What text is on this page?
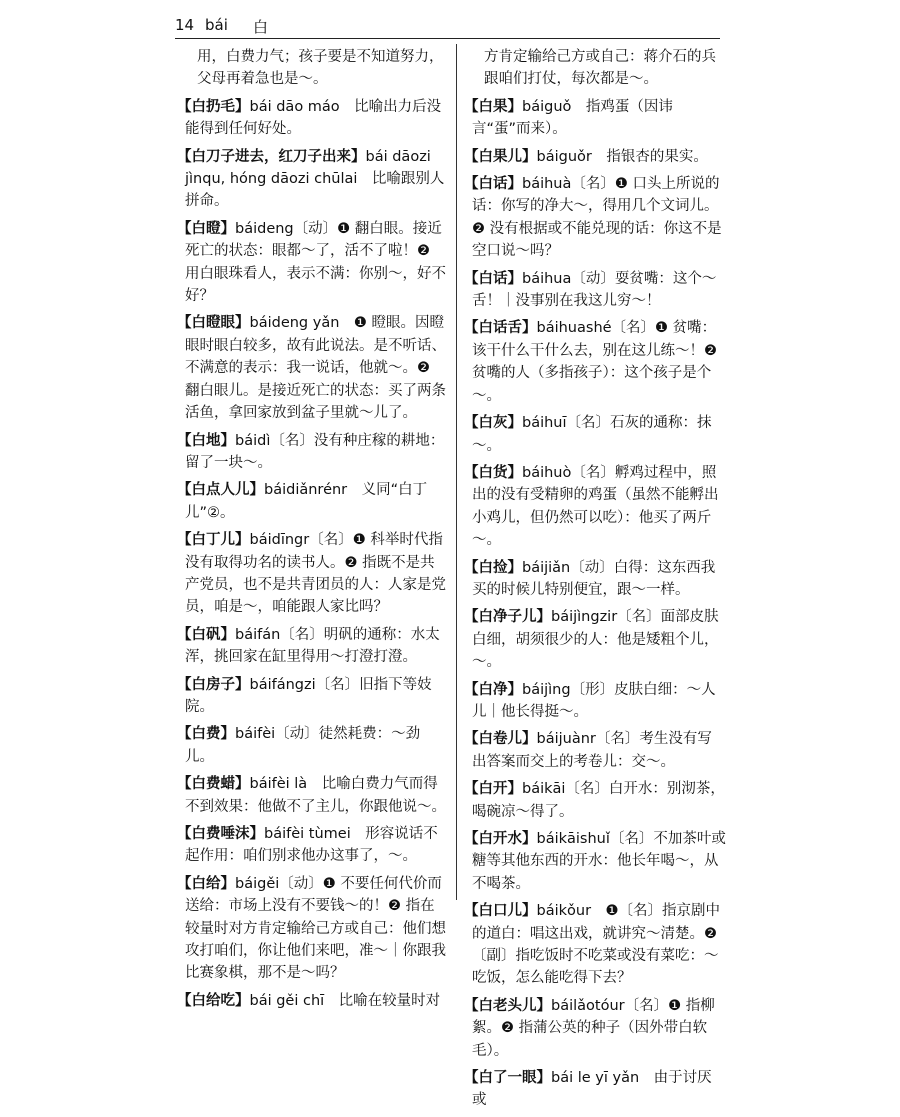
14 bái 白

用，白费力气；孩子要是不知道努力，父母再着急也是～。

【白扔毛】bái dāo máo　比喻出力后没能得到任何好处。

【白刀子进去，红刀子出来】bái dāozi jìnqu, hóng dāozi chūlai　比喻跟别人拼命。

【白瞪】báideng〔动〕❶ 翻白眼。接近死亡的状态：眼都～了，活不了啦！❷ 用白眼珠看人，表示不满：你别～，好不好？

【白瞪眼】báideng yǎn　❶ 瞪眼。因瞪眼时眼白较多，故有此说法。是不听话、不满意的表示：我一说话，他就～。❷ 翻白眼儿。是接近死亡的状态：买了两条活鱼，拿回家放到盆子里就～儿了。

【白地】báidì〔名〕没有种庄稼的耕地：留了一块～。

【白点人儿】báidiǎnrénr　义同“白丁儿”②。

【白丁儿】báidīngr〔名〕❶ 科举时代指没有取得功名的读书人。❷ 指既不是共产党员，也不是共青团员的人：人家是党员，咱是～，咱能跟人家比吗？

【白矾】báifán〔名〕明矾的通称：水太浑，挑回家在缸里得用～打澄打澄。

【白房子】báifángzi〔名〕旧指下等妓院。

【白费】báifèi〔动〕徒然耗费：～劲儿。

【白费蜡】báifèi là　比喻白费力气而得不到效果：他做不了主儿，你跟他说～。

【白费唾沫】báifèi tùmei　形容说话不起作用：咱们别求他办这事了，～。

【白给】báigěi〔动〕❶ 不要任何代价而送给：市场上没有不要钱～的！❷ 指在较量时对方肯定输给己方或自己：他们想攻打咱们，你让他们来吧，准～｜你跟我比赛象棋，那不是～吗？

【白给吃】bái gěi chī　比喻在较量时对

方肯定输给己方或自己：蒋介石的兵跟咱们打仗，每次都是～。

【白果】báiguǒ　指鸡蛋（因讳言“蛋”而来）。

【白果儿】báiguǒr　指银杏的果实。

【白话】báihuà〔名〕❶ 口头上所说的话：你写的净大～，得用几个文词儿。❷ 没有根据或不能兑现的话：你这不是空口说～吗？

【白话】báihua〔动〕耍贫嘴：这个～舌！｜没事别在我这儿穷～！

【白话舌】báihuashé〔名〕❶ 贫嘴：该干什么干什么去，别在这儿练～！❷ 贫嘴的人（多指孩子）：这个孩子是个～。

【白灰】báihuī〔名〕石灰的通称：抹～。

【白货】báihuò〔名〕孵鸡过程中，照出的没有受精卵的鸡蛋（虽然不能孵出小鸡儿，但仍然可以吃）：他买了两斤～。

【白捡】báijiǎn〔动〕白得：这东西我买的时候儿特别便宜，跟～一样。

【白净子儿】báijìngzir〔名〕面部皮肤白细，胡须很少的人：他是矮粗个儿，～。

【白净】báijìng〔形〕皮肤白细：～人儿｜他长得挺～。

【白卷儿】báijuànr〔名〕考生没有写出答案而交上的考卷儿：交～。

【白开】báikāi〔名〕白开水：别沏茶，喝碗凉～得了。

【白开水】báikāishuǐ〔名〕不加茶叶或糖等其他东西的开水：他长年喝～，从不喝茶。

【白口儿】báikǒur　❶〔名〕指京剧中的道白：唱这出戏，就讲究～清楚。❷〔副〕指吃饭时不吃菜或没有菜吃：～吃饭，怎么能吃得下去？

【白老头儿】báilǎotóur〔名〕❶ 指柳絮。❷ 指蒲公英的种子（因外带白软毛）。

【白了一眼】bái le yī yǎn　由于讨厌或
